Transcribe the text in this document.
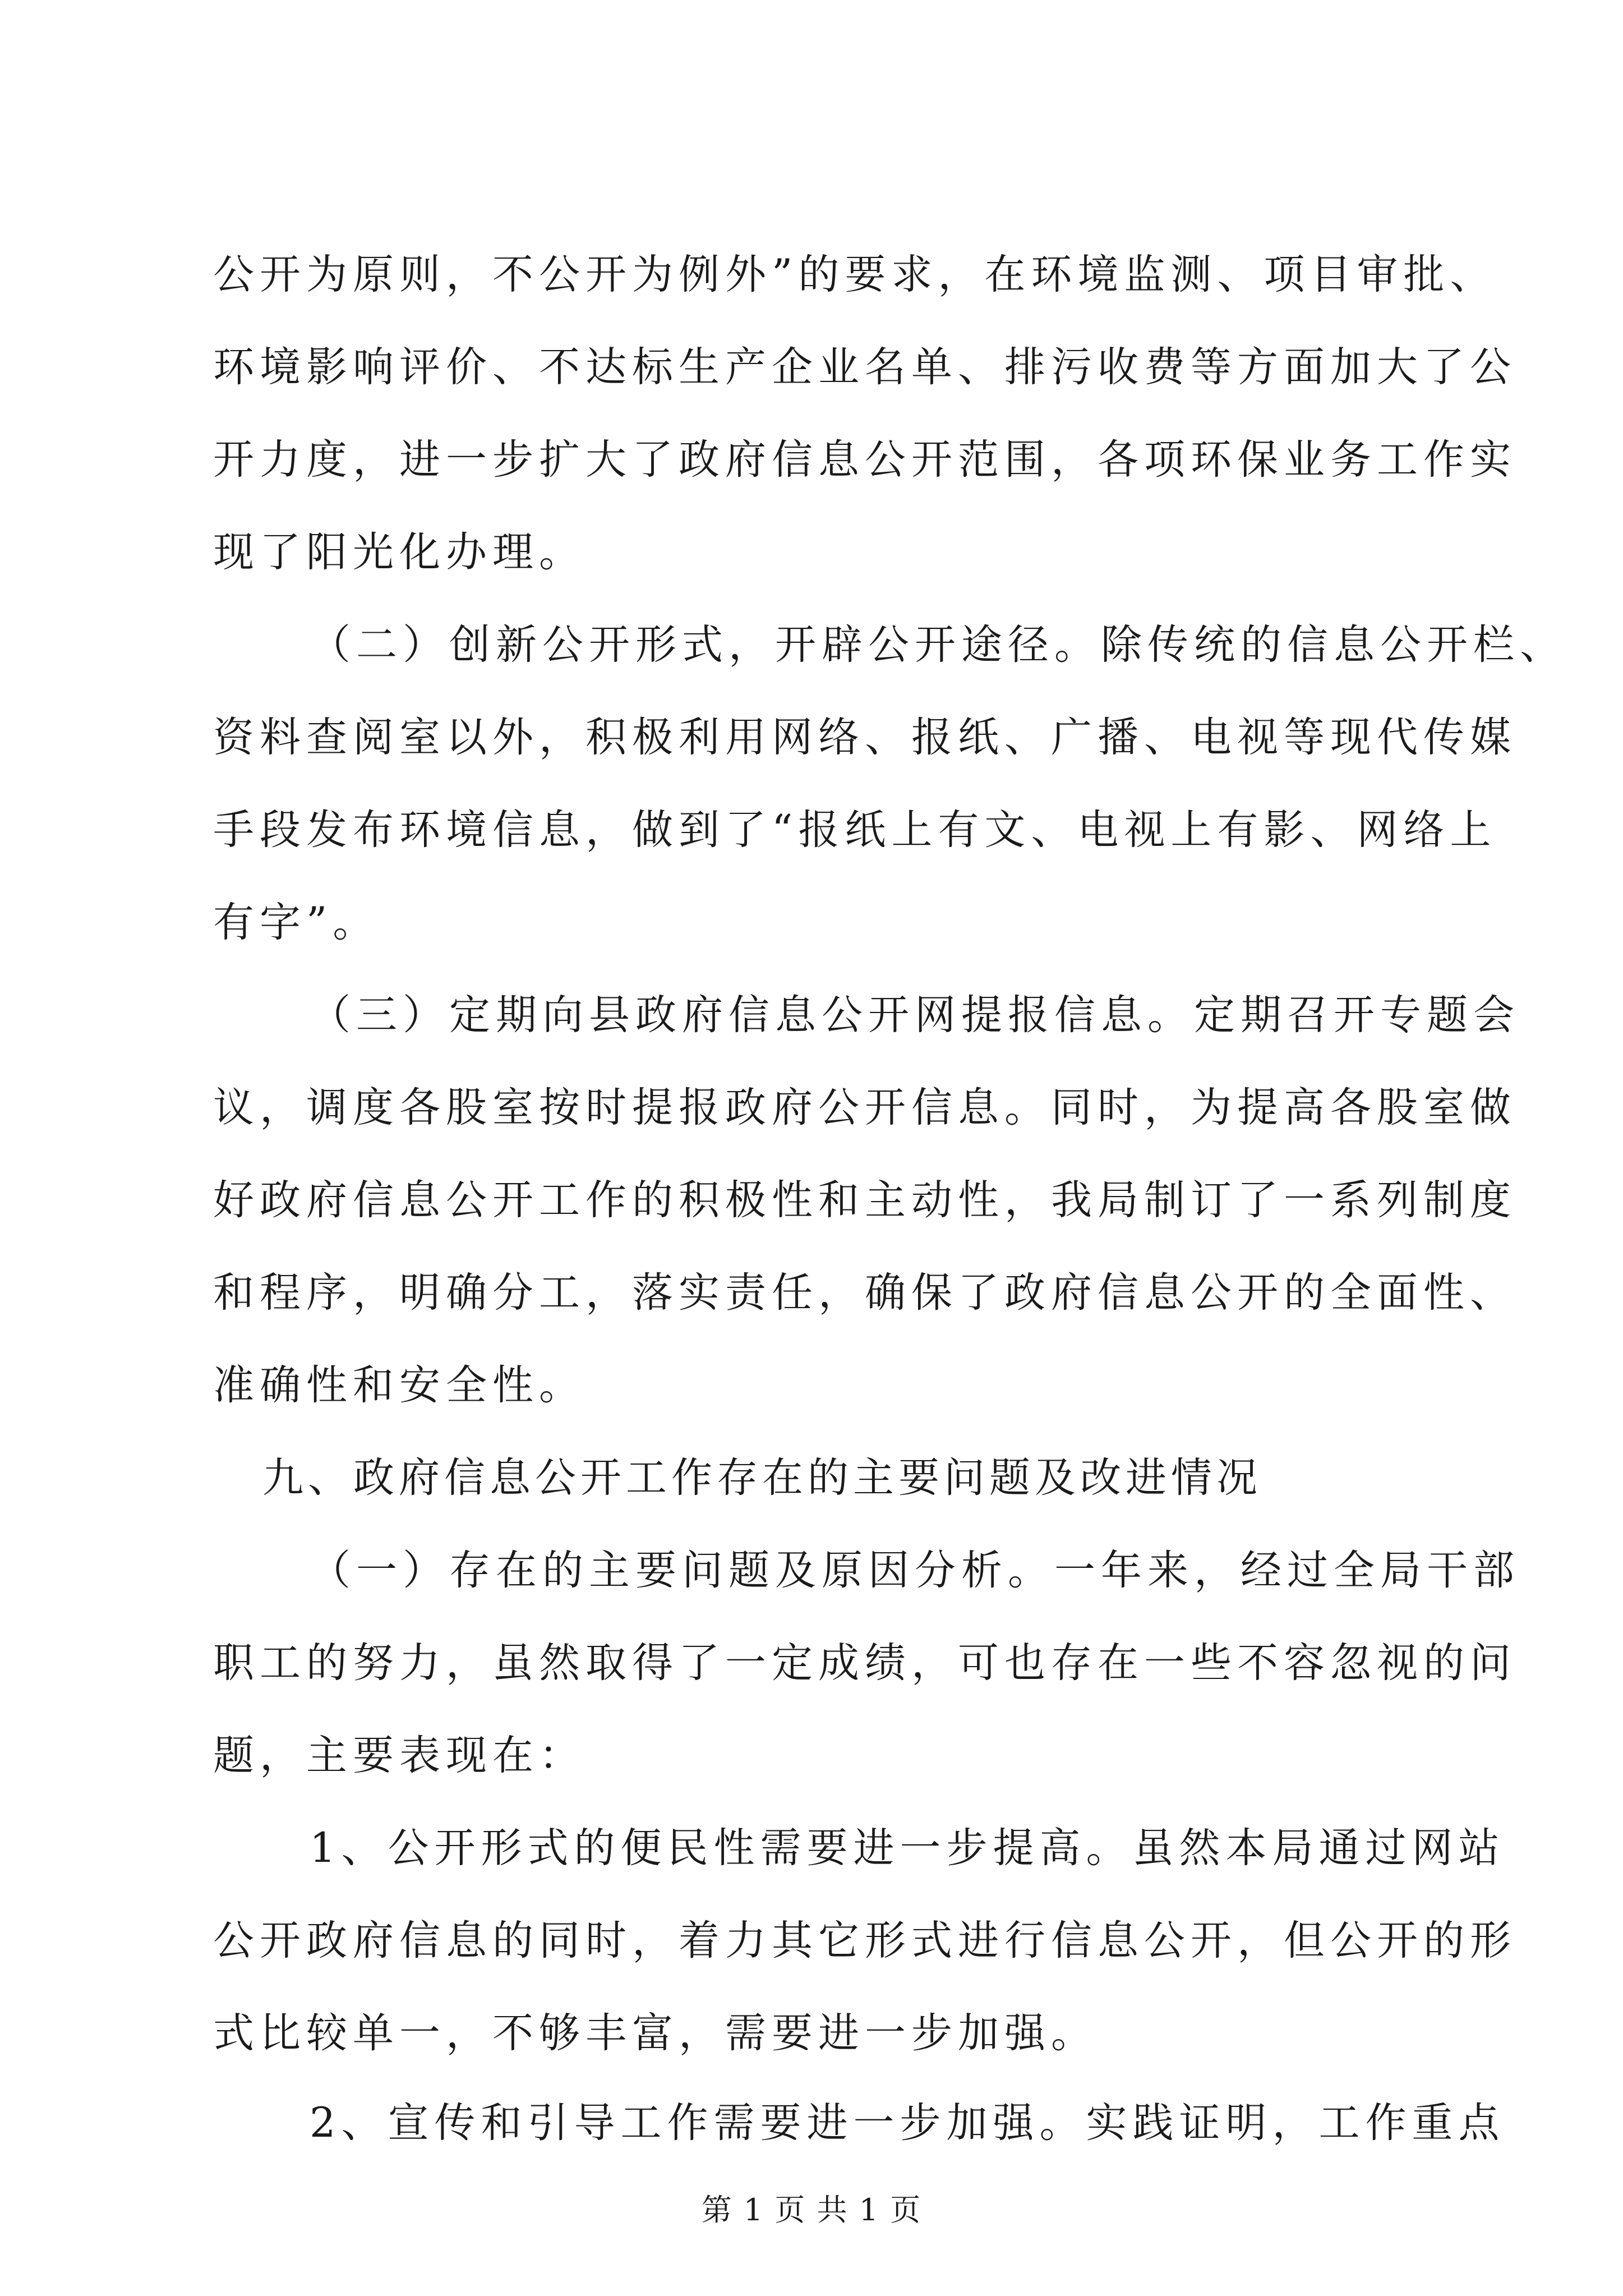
公开为原则，不公开为例外”的要求，在环境监测、项目审批、
环境影响评价、不达标生产企业名单、排污收费等方面加大了公
开力度，进一步扩大了政府信息公开范围，各项环保业务工作实
现了阳光化办理。
（二）创新公开形式，开辟公开途径。除传统的信息公开栏、
资料查阅室以外，积极利用网络、报纸、广播、电视等现代传媒
手段发布环境信息，做到了“报纸上有文、电视上有影、网络上
有字”。
（三）定期向县政府信息公开网提报信息。定期召开专题会
议，调度各股室按时提报政府公开信息。同时，为提高各股室做
好政府信息公开工作的积极性和主动性，我局制订了一系列制度
和程序，明确分工，落实责任，确保了政府信息公开的全面性、
准确性和安全性。
九、政府信息公开工作存在的主要问题及改进情况
（一）存在的主要问题及原因分析。一年来，经过全局干部
职工的努力，虽然取得了一定成绩，可也存在一些不容忽视的问
题，主要表现在：
1、公开形式的便民性需要进一步提高。虽然本局通过网站
公开政府信息的同时，着力其它形式进行信息公开，但公开的形
式比较单一，不够丰富，需要进一步加强。
2、宣传和引导工作需要进一步加强。实践证明，工作重点
第 1 页 共 1 页
